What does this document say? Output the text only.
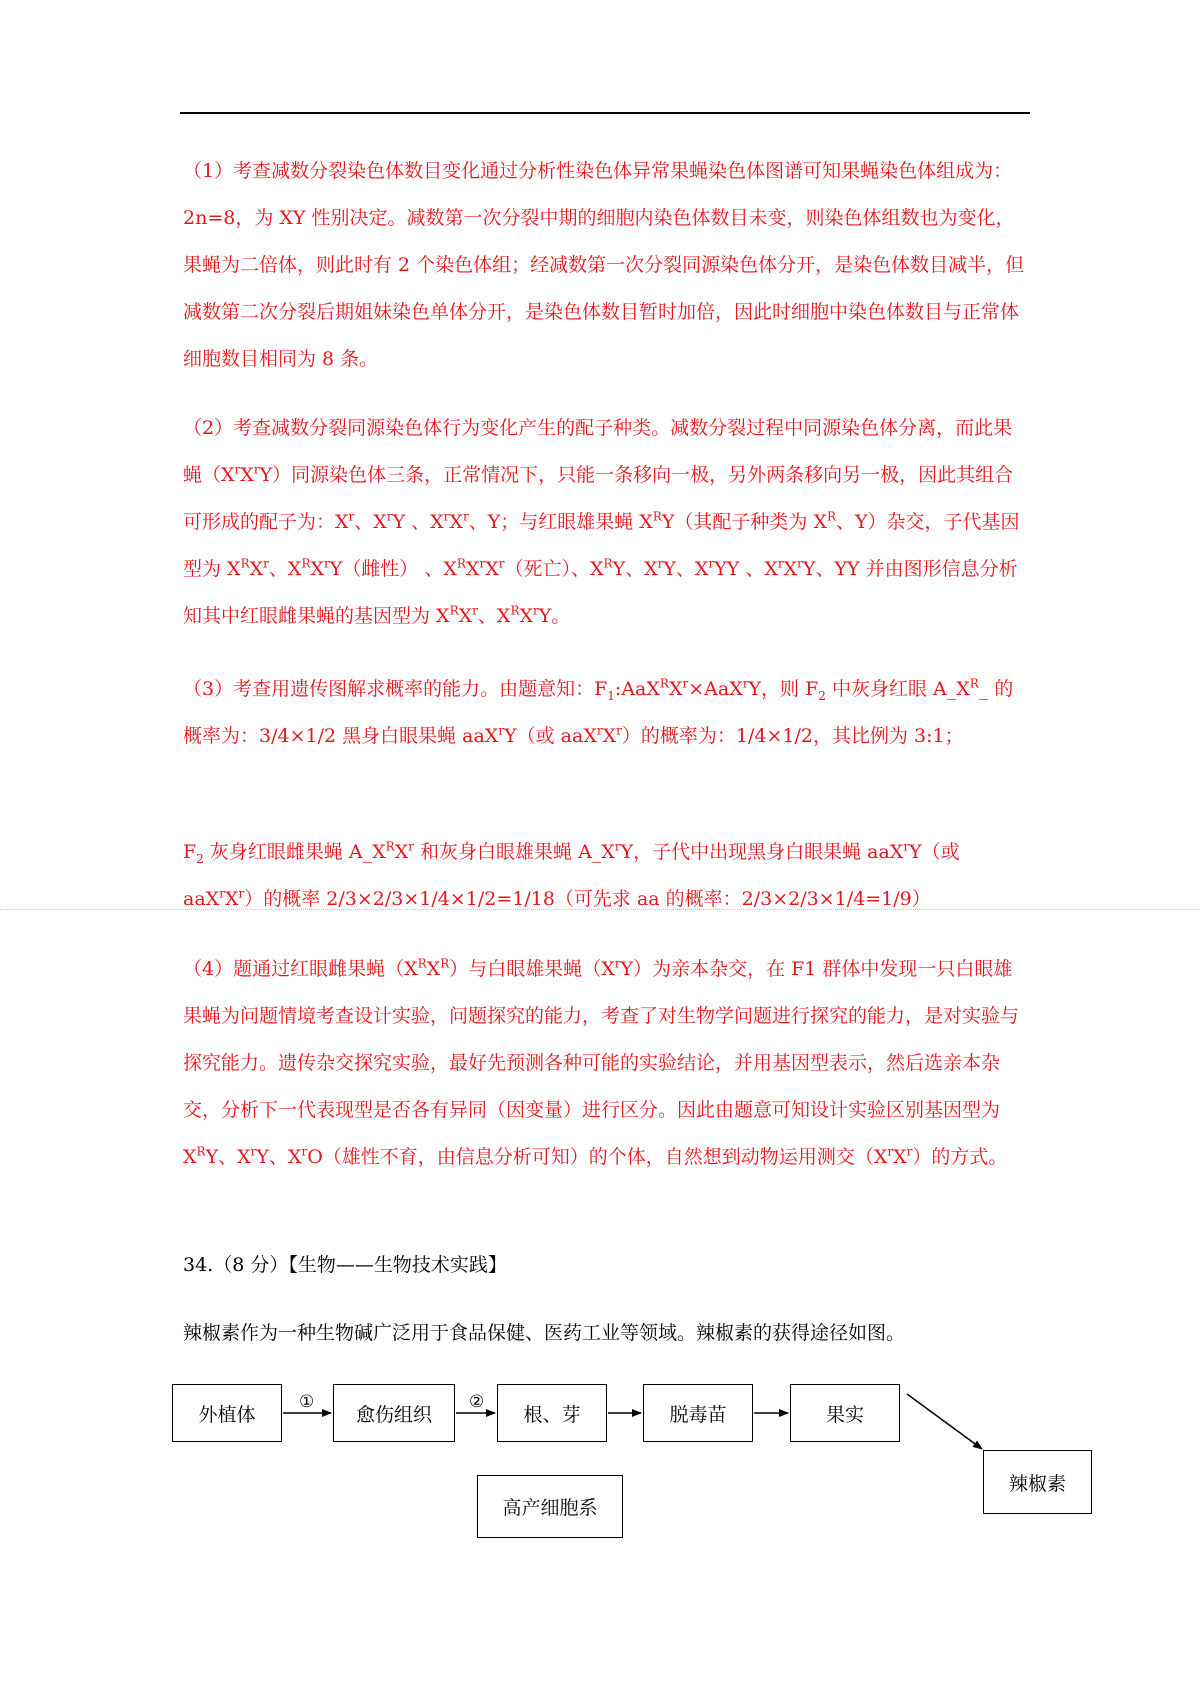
（1）考查减数分裂染色体数目变化通过分析性染色体异常果蝇染色体图谱可知果蝇染色体组成为：2n=8，为 XY 性别决定。减数第一次分裂中期的细胞内染色体数目未变，则染色体组数也为变化，果蝇为二倍体，则此时有 2 个染色体组；经减数第一次分裂同源染色体分开，是染色体数目减半，但减数第二次分裂后期姐妹染色单体分开，是染色体数目暂时加倍，因此时细胞中染色体数目与正常体细胞数目相同为 8 条。

（2）考查减数分裂同源染色体行为变化产生的配子种类。减数分裂过程中同源染色体分离，而此果蝇$(X^rX^rY)$同源染色体三条，正常情况下，只能一条移向一极，另外两条移向另一极，因此其组合可形成的配子为：$X^r$、$X^rY$ 、$X^rX^r$、Y；与红眼雄果蝇 $X^RY$（其配子种类为 $X^R$、Y）杂交，子代基因型为 $X^RX^r$、$X^RX^rY$（雌性） 、$X^RX^rX^r$（死亡）、$X^RY$、$X^rY$、$X^rYY$ 、$X^rX^rY$、YY 并由图形信息分析知其中红眼雌果蝇的基因型为 $X^RX^r$、$X^RX^rY$。

（3）考查用遗传图解求概率的能力。由题意知：$F_1:AaX^RX^r\times AaX^rY$，则 $F_2$ 中灰身红眼 $A\_X^R\_$ 的概率为：3/4×1/2 黑身白眼果蝇 aaX$^r$Y（或 $aaX^rX^r$）的概率为：1/4×1/2，其比例为 3:1；

$F_2$ 灰身红眼雌果蝇 $A\_X^RX^r$ 和灰身白眼雄果蝇 $A\_X^rY$，子代中出现黑身白眼果蝇 aaX$^r$Y（或 $aaX^rX^r$）的概率 2/3×2/3×1/4×1/2=1/18（可先求 aa 的概率：2/3×2/3×1/4=1/9）

（4）题通过红眼雌果蝇$(X^RX^R)$与白眼雄果蝇$(X^rY)$为亲本杂交，在 F1 群体中发现一只白眼雄果蝇为问题情境考查设计实验，问题探究的能力，考查了对生物学问题进行探究的能力，是对实验与探究能力。遗传杂交探究实验，最好先预测各种可能的实验结论，并用基因型表示，然后选亲本杂交，分析下一代表现型是否各有异同（因变量）进行区分。因此由题意可知设计实验区别基因型为 $X^RY$、$X^rY$、$X^rO$（雄性不育，由信息分析可知）的个体，自然想到动物运用测交$(X^rX^r)$的方式。

34.（8 分）【生物——生物技术实践】

辣椒素作为一种生物碱广泛用于食品保健、医药工业等领域。辣椒素的获得途径如图。

外植体	愈伤组织	根、芽	脱毒苗	果实
辣椒素
高产细胞系
①	②
